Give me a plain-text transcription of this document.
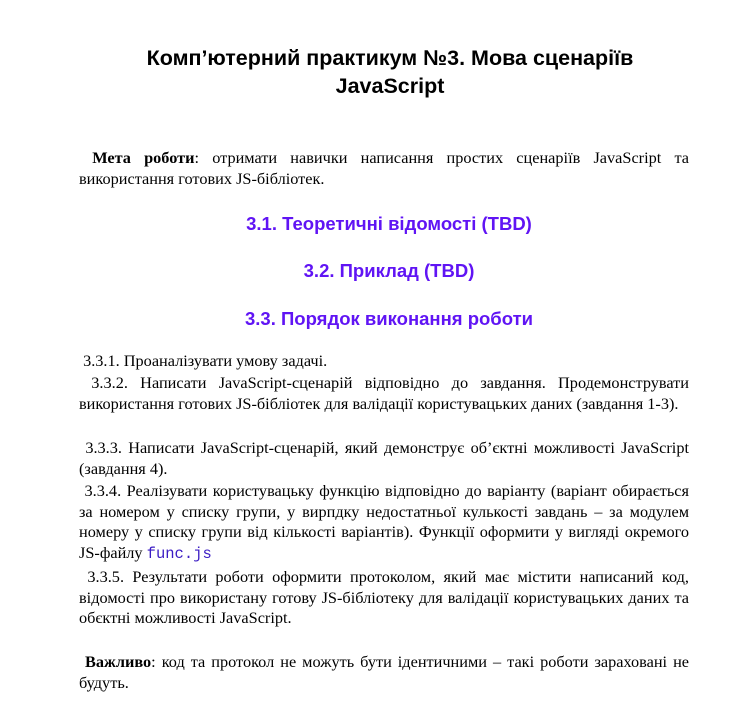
Комп’ютерний практикум №3. Мова сценаріїв
JavaScript

Мета роботи: отримати навички написання простих сценаріїв JavaScript та використання готових JS-бібліотек.

3.1. Теоретичні відомості (TBD)
3.2. Приклад (TBD)
3.3. Порядок виконання роботи

3.3.1. Проаналізувати умову задачі.

3.3.2. Написати JavaScript-сценарій відповідно до завдання. Продемонструвати використання готових JS-бібліотек для валідації користувацьких даних (завдання 1-3).

3.3.3. Написати JavaScript-сценарій, який демонструє об’єктні можливості JavaScript (завдання 4).

3.3.4. Реалізувати користувацьку функцію відповідно до варіанту (варіант обирається за номером у списку групи, у вирпдку недостатньої кулькості завдань – за модулем номеру у списку групи від кількості варіантів). Функції оформити у вигляді окремого JS-файлу func.js

3.3.5. Результати роботи оформити протоколом, який має містити написаний код, відомості про використану готову JS-бібліотеку для валідації користувацьких даних та обєктні можливості JavaScript.

Важливо: код та протокол не можуть бути ідентичними – такі роботи зараховані не будуть.
